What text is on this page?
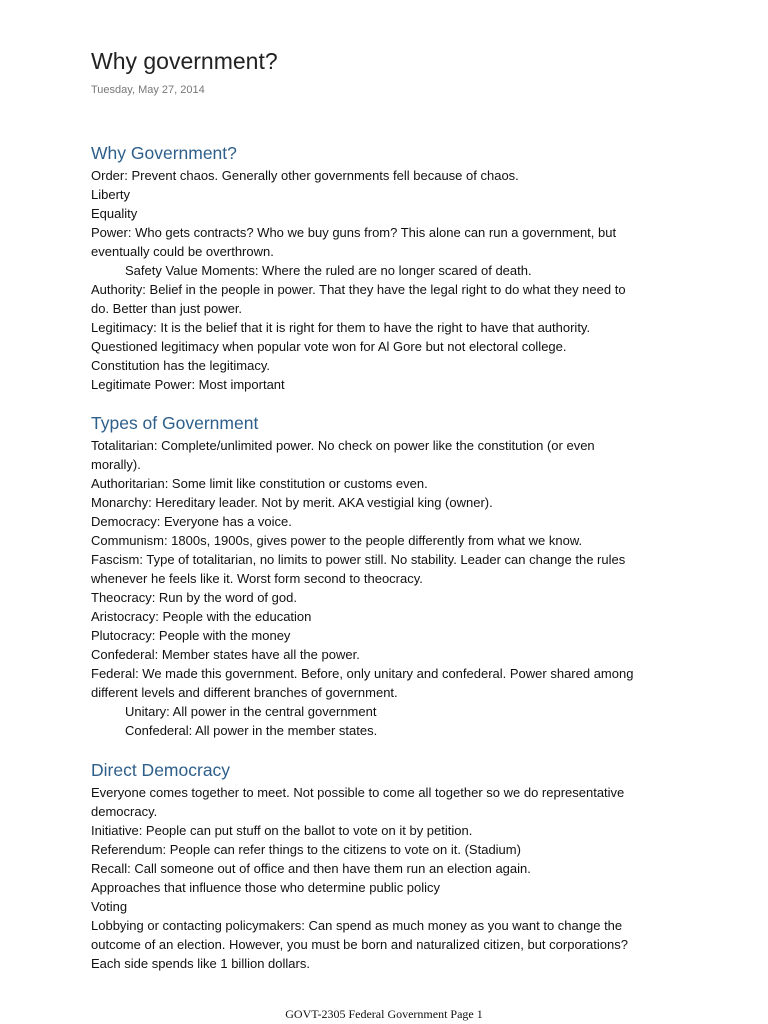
Why government?
Tuesday, May 27, 2014
Why Government?
Order: Prevent chaos. Generally other governments fell because of chaos.
Liberty
Equality
Power: Who gets contracts? Who we buy guns from? This alone can run a government, but
eventually could be overthrown.
Safety Value Moments: Where the ruled are no longer scared of death.
Authority: Belief in the people in power. That they have the legal right to do what they need to
do. Better than just power.
Legitimacy: It is the belief that it is right for them to have the right to have that authority.
Questioned legitimacy when popular vote won for Al Gore but not electoral college.
Constitution has the legitimacy.
Legitimate Power: Most important
Types of Government
Totalitarian: Complete/unlimited power. No check on power like the constitution (or even
morally).
Authoritarian: Some limit like constitution or customs even.
Monarchy: Hereditary leader. Not by merit. AKA vestigial king (owner).
Democracy: Everyone has a voice.
Communism: 1800s, 1900s, gives power to the people differently from what we know.
Fascism: Type of totalitarian, no limits to power still. No stability. Leader can change the rules
whenever he feels like it. Worst form second to theocracy.
Theocracy: Run by the word of god.
Aristocracy: People with the education
Plutocracy: People with the money
Confederal: Member states have all the power.
Federal: We made this government. Before, only unitary and confederal. Power shared among
different levels and different branches of government.
Unitary: All power in the central government
Confederal: All power in the member states.
Direct Democracy
Everyone comes together to meet. Not possible to come all together so we do representative
democracy.
Initiative: People can put stuff on the ballot to vote on it by petition.
Referendum: People can refer things to the citizens to vote on it. (Stadium)
Recall: Call someone out of office and then have them run an election again.
Approaches that influence those who determine public policy
Voting
Lobbying or contacting policymakers: Can spend as much money as you want to change the
outcome of an election. However, you must be born and naturalized citizen, but corporations?
Each side spends like 1 billion dollars.
GOVT-2305 Federal Government Page 1
